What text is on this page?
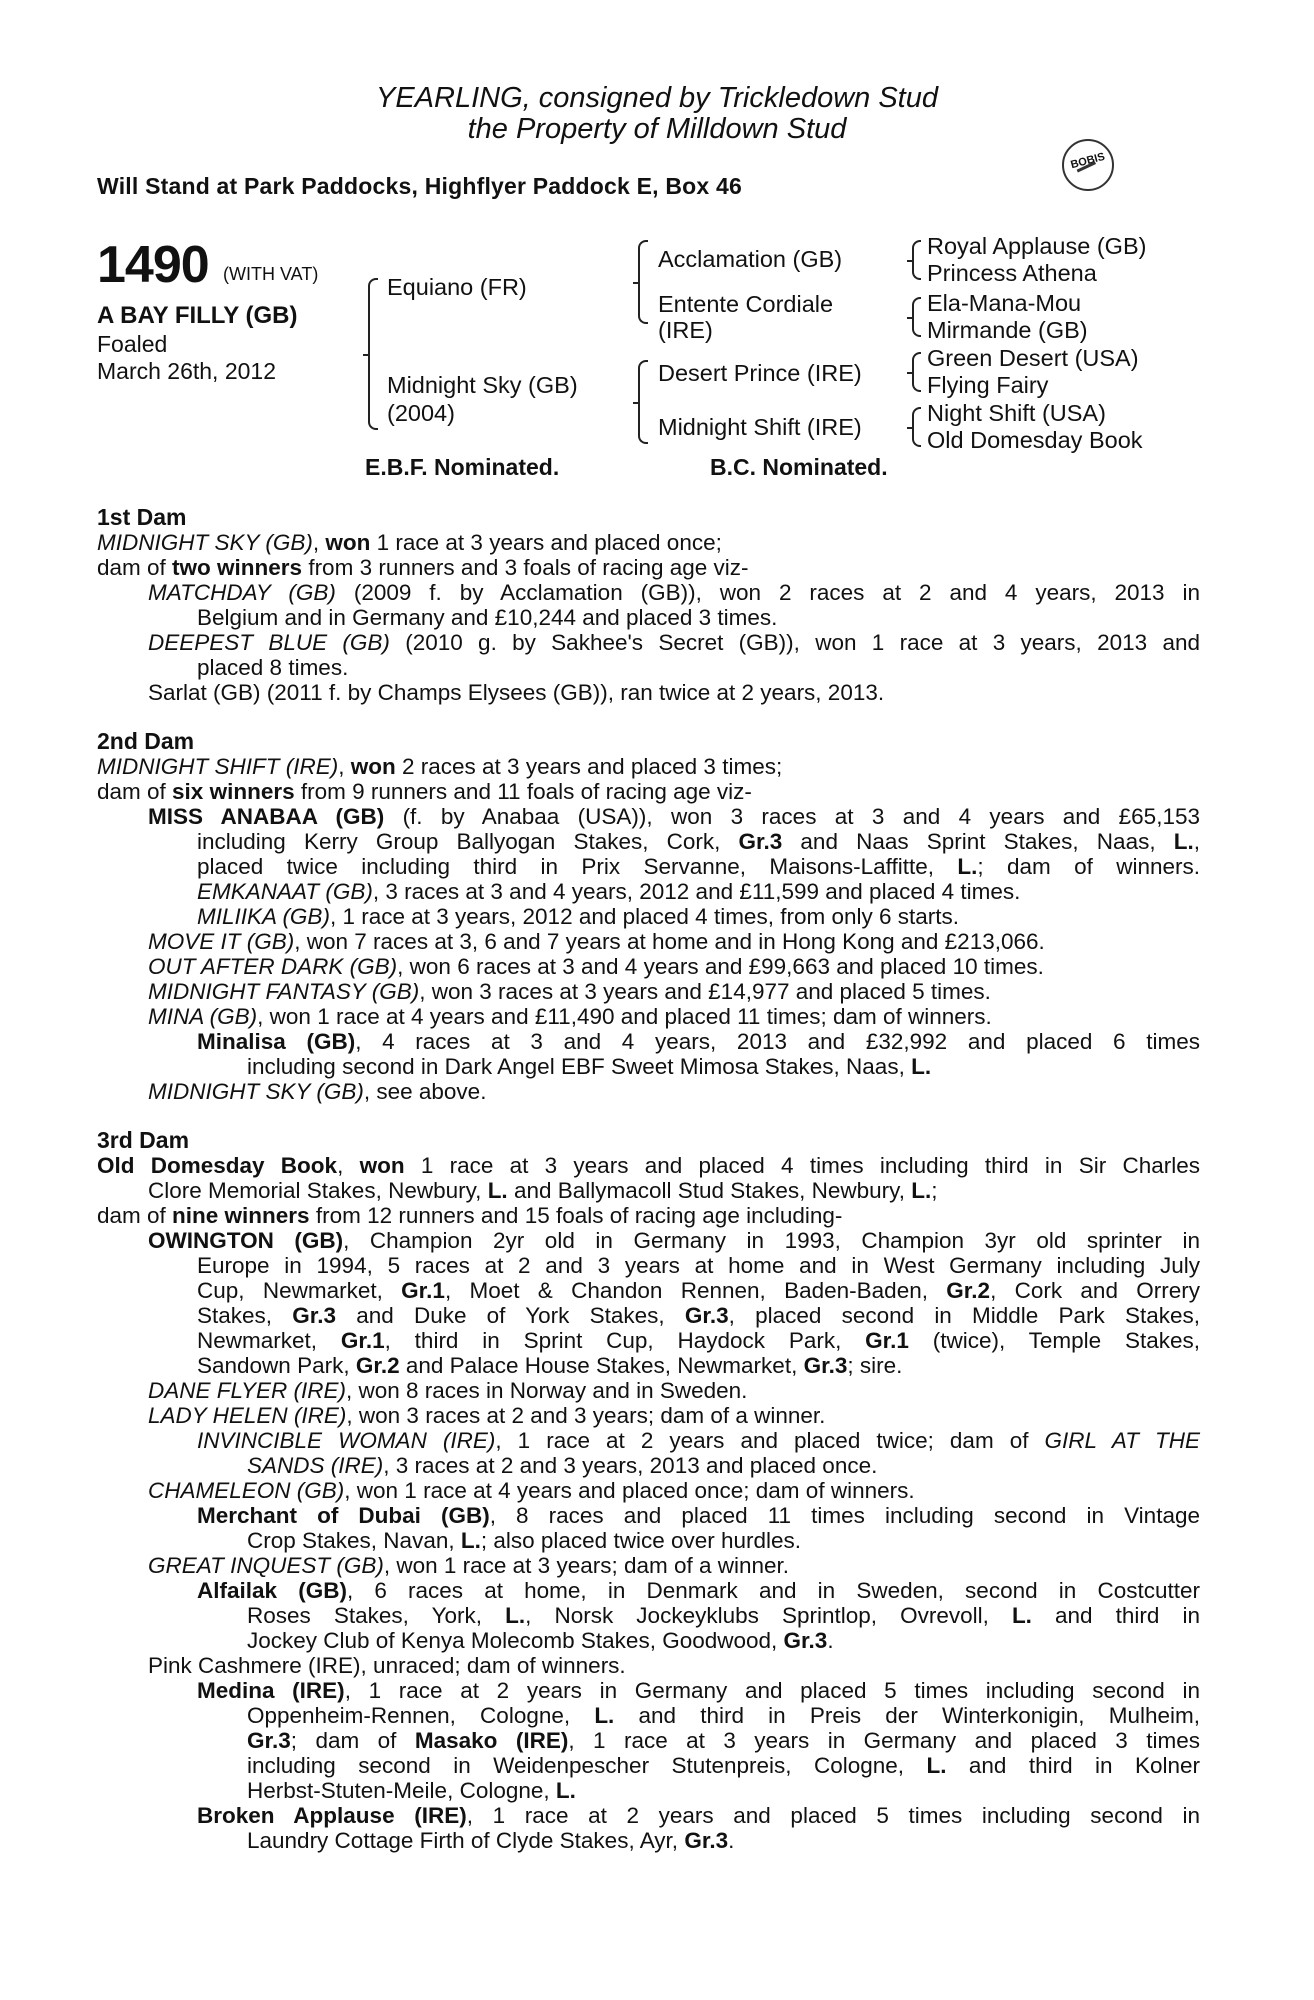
YEARLING, consigned by Trickledown Stud
the Property of Milldown Stud
Will Stand at Park Paddocks, Highflyer Paddock E, Box 46
BOBIS
1490 (WITH VAT)
A BAY FILLY (GB)
Foaled
March 26th, 2012
Equiano (FR)
Midnight Sky (GB)
(2004)
Acclamation (GB)
Entente Cordiale
(IRE)
Desert Prince (IRE)
Midnight Shift (IRE)
Royal Applause (GB)
Princess Athena
Ela-Mana-Mou
Mirmande (GB)
Green Desert (USA)
Flying Fairy
Night Shift (USA)
Old Domesday Book
E.B.F. Nominated.	B.C. Nominated.
1st Dam
MIDNIGHT SKY (GB), won 1 race at 3 years and placed once;
dam of two winners from 3 runners and 3 foals of racing age viz-
MATCHDAY (GB) (2009 f. by Acclamation (GB)), won 2 races at 2 and 4 years, 2013 in
Belgium and in Germany and £10,244 and placed 3 times.
DEEPEST BLUE (GB) (2010 g. by Sakhee's Secret (GB)), won 1 race at 3 years, 2013 and
placed 8 times.
Sarlat (GB) (2011 f. by Champs Elysees (GB)), ran twice at 2 years, 2013.
2nd Dam
MIDNIGHT SHIFT (IRE), won 2 races at 3 years and placed 3 times;
dam of six winners from 9 runners and 11 foals of racing age viz-
MISS ANABAA (GB) (f. by Anabaa (USA)), won 3 races at 3 and 4 years and £65,153
including Kerry Group Ballyogan Stakes, Cork, Gr.3 and Naas Sprint Stakes, Naas, L.,
placed twice including third in Prix Servanne, Maisons-Laffitte, L.; dam of winners.
EMKANAAT (GB), 3 races at 3 and 4 years, 2012 and £11,599 and placed 4 times.
MILIIKA (GB), 1 race at 3 years, 2012 and placed 4 times, from only 6 starts.
MOVE IT (GB), won 7 races at 3, 6 and 7 years at home and in Hong Kong and £213,066.
OUT AFTER DARK (GB), won 6 races at 3 and 4 years and £99,663 and placed 10 times.
MIDNIGHT FANTASY (GB), won 3 races at 3 years and £14,977 and placed 5 times.
MINA (GB), won 1 race at 4 years and £11,490 and placed 11 times; dam of winners.
Minalisa (GB), 4 races at 3 and 4 years, 2013 and £32,992 and placed 6 times
including second in Dark Angel EBF Sweet Mimosa Stakes, Naas, L.
MIDNIGHT SKY (GB), see above.
3rd Dam
Old Domesday Book, won 1 race at 3 years and placed 4 times including third in Sir Charles
Clore Memorial Stakes, Newbury, L. and Ballymacoll Stud Stakes, Newbury, L.;
dam of nine winners from 12 runners and 15 foals of racing age including-
OWINGTON (GB), Champion 2yr old in Germany in 1993, Champion 3yr old sprinter in
Europe in 1994, 5 races at 2 and 3 years at home and in West Germany including July
Cup, Newmarket, Gr.1, Moet & Chandon Rennen, Baden-Baden, Gr.2, Cork and Orrery
Stakes, Gr.3 and Duke of York Stakes, Gr.3, placed second in Middle Park Stakes,
Newmarket, Gr.1, third in Sprint Cup, Haydock Park, Gr.1 (twice), Temple Stakes,
Sandown Park, Gr.2 and Palace House Stakes, Newmarket, Gr.3; sire.
DANE FLYER (IRE), won 8 races in Norway and in Sweden.
LADY HELEN (IRE), won 3 races at 2 and 3 years; dam of a winner.
INVINCIBLE WOMAN (IRE), 1 race at 2 years and placed twice; dam of GIRL AT THE
SANDS (IRE), 3 races at 2 and 3 years, 2013 and placed once.
CHAMELEON (GB), won 1 race at 4 years and placed once; dam of winners.
Merchant of Dubai (GB), 8 races and placed 11 times including second in Vintage
Crop Stakes, Navan, L.; also placed twice over hurdles.
GREAT INQUEST (GB), won 1 race at 3 years; dam of a winner.
Alfailak (GB), 6 races at home, in Denmark and in Sweden, second in Costcutter
Roses Stakes, York, L., Norsk Jockeyklubs Sprintlop, Ovrevoll, L. and third in
Jockey Club of Kenya Molecomb Stakes, Goodwood, Gr.3.
Pink Cashmere (IRE), unraced; dam of winners.
Medina (IRE), 1 race at 2 years in Germany and placed 5 times including second in
Oppenheim-Rennen, Cologne, L. and third in Preis der Winterkonigin, Mulheim,
Gr.3; dam of Masako (IRE), 1 race at 3 years in Germany and placed 3 times
including second in Weidenpescher Stutenpreis, Cologne, L. and third in Kolner
Herbst-Stuten-Meile, Cologne, L.
Broken Applause (IRE), 1 race at 2 years and placed 5 times including second in
Laundry Cottage Firth of Clyde Stakes, Ayr, Gr.3.
